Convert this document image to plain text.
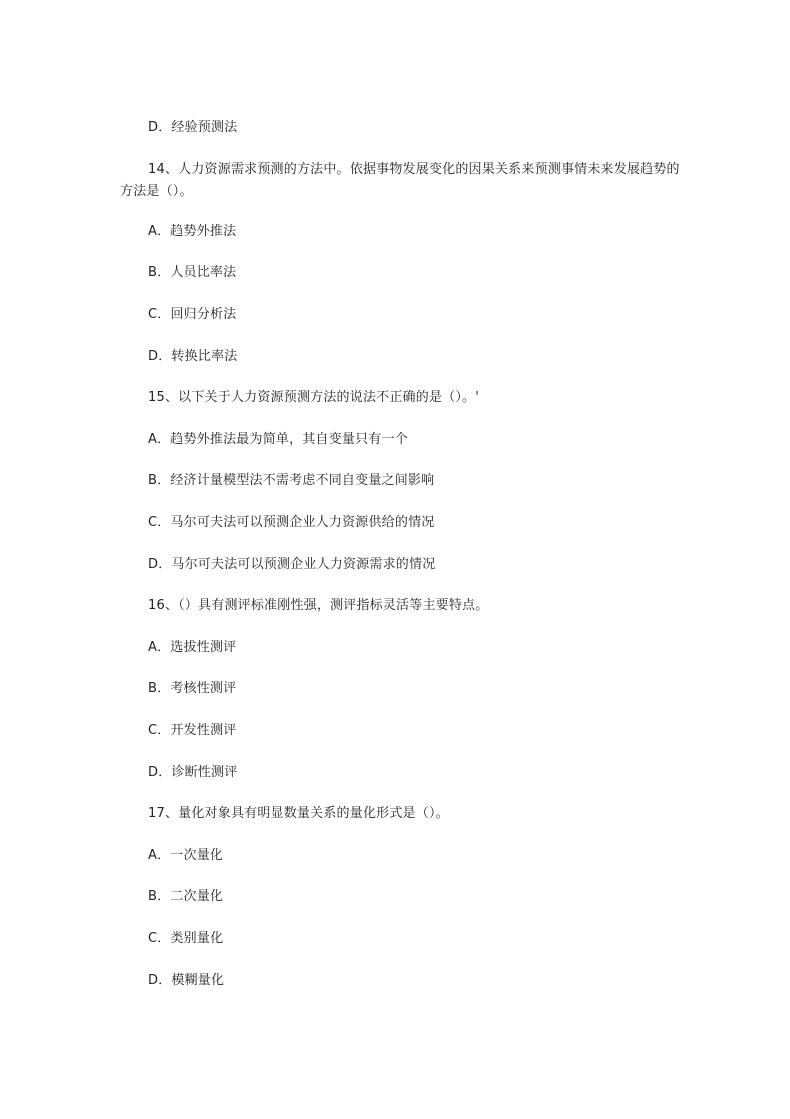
D．经验预测法
14、人力资源需求预测的方法中。依据事物发展变化的因果关系来预测事情未来发展趋势的方法是（）。
A．趋势外推法
B．人员比率法
C．回归分析法
D．转换比率法
15、以下关于人力资源预测方法的说法不正确的是（）。'
A．趋势外推法最为简单，其自变量只有一个
B．经济计量模型法不需考虑不同自变量之间影响
C．马尔可夫法可以预测企业人力资源供给的情况
D．马尔可夫法可以预测企业人力资源需求的情况
16、（）具有测评标准刚性强，测评指标灵活等主要特点。
A．选拔性测评
B．考核性测评
C．开发性测评
D．诊断性测评
17、量化对象具有明显数量关系的量化形式是（）。
A．一次量化
B．二次量化
C．类别量化
D．模糊量化
